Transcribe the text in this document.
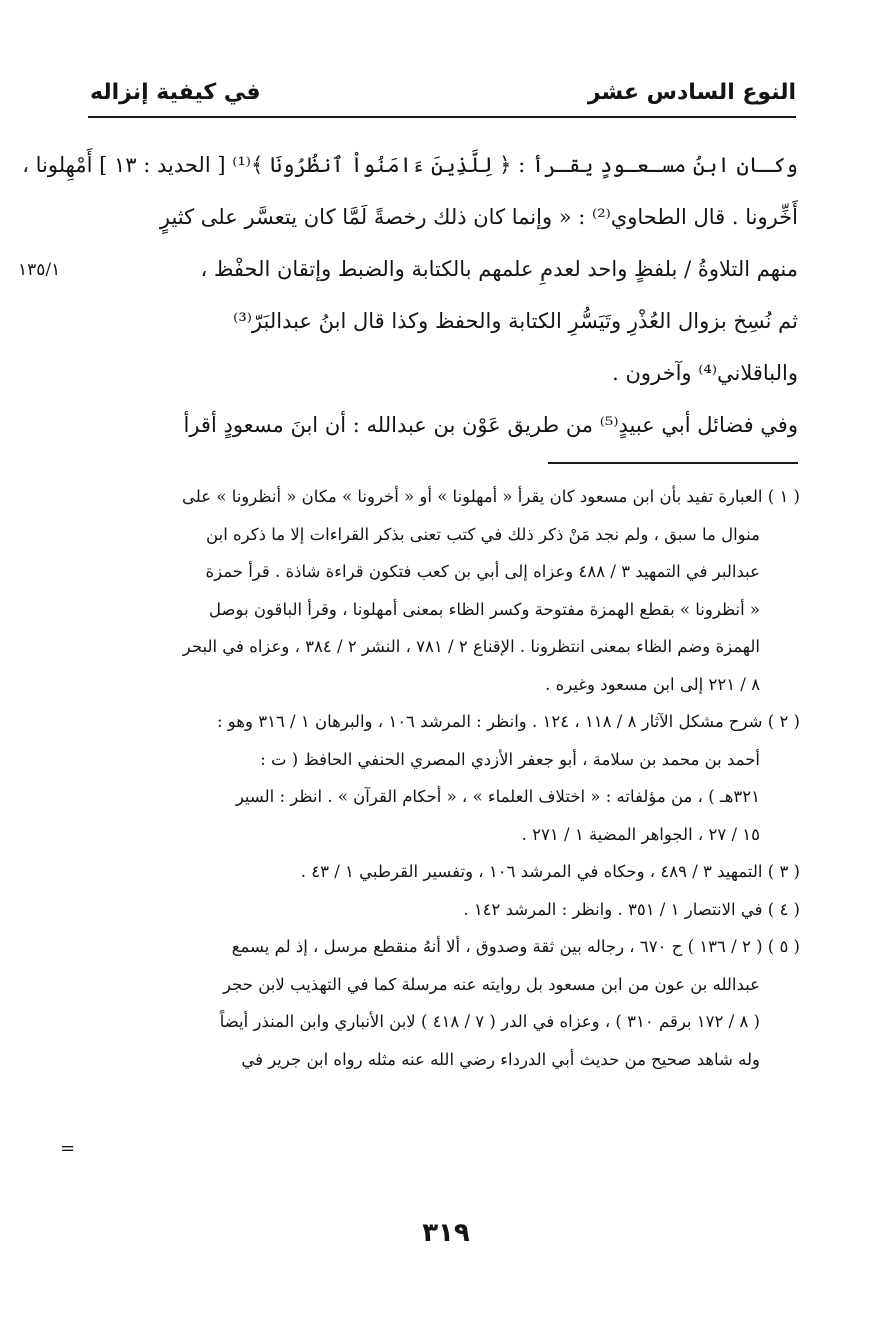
النوع السادس عشر
في كيفية إنزاله
١٣٥/١
وكـان ابنُ مسـعـودٍ يقـرأ : ﴿ لِلَّذِينَ ءَامَنُواْ ٱنظُرُونَا ﴾⁽¹⁾ [ الحديد : ١٣ ] أَمْهِلونا ،
أَخِّرونا . قال الطحاوي⁽²⁾ : « وإنما كان ذلك رخصةً لَمَّا كان يتعسَّر على كثيرٍ
منهم التلاوةُ / بلفظٍ واحد لعدمِ علمهم بالكتابة والضبط وإتقان الحفْظ ،
ثم نُسِخ بزوال العُذْرِ وتَيَسُّرِ الكتابة والحفظ وكذا قال ابنُ عبدالبَرّ⁽³⁾
والباقلاني⁽⁴⁾ وآخرون .
وفي فضائل أبي عبيدٍ⁽⁵⁾ من طريق عَوْن بن عبدالله : أن ابنَ مسعودٍ أقرأ
( ١ ) العبارة تفيد بأن ابن مسعود كان يقرأ « أمهلونا » أو « أخرونا » مكان « أنظرونا » على
منوال ما سبق ، ولم نجد مَنْ ذكر ذلك في كتب تعنى بذكر القراءات إلا ما ذكره ابن
عبدالبر في التمهيد ٣ / ٤٨٨ وعزاه إلى أبي بن كعب فتكون قراءة شاذة . قرأ حمزة
« أنظرونا » بقطع الهمزة مفتوحة وكسر الظاء بمعنى أمهلونا ، وقرأ الباقون بوصل
الهمزة وضم الظاء بمعنى انتظرونا . الإقناع ٢ / ٧٨١ ، النشر ٢ / ٣٨٤ ، وعزاه في البحر
٨ / ٢٢١ إلى ابن مسعود وغيره .
( ٢ ) شرح مشكل الآثار ٨ / ١١٨ ، ١٢٤ . وانظر : المرشد ١٠٦ ، والبرهان ١ / ٣١٦ وهو :
أحمد بن محمد بن سلامة ، أبو جعفر الأزدي المصري الحنفي الحافظ ( ت :
٣٢١هـ ) ، من مؤلفاته : « اختلاف العلماء » ، « أحكام القرآن » . انظر : السير
١٥ / ٢٧ ، الجواهر المضية ١ / ٢٧١ .
( ٣ ) التمهيد ٣ / ٤٨٩ ، وحكاه في المرشد ١٠٦ ، وتفسير القرطبي ١ / ٤٣ .
( ٤ ) في الانتصار ١ / ٣٥١ . وانظر : المرشد ١٤٢ .
( ٥ ) ( ٢ / ١٣٦ ) ح ٦٧٠ ، رجاله بين ثقة وصدوق ، ألا أنهُ منقطع مرسل ، إذ لم يسمع
عبدالله بن عون من ابن مسعود بل روايته عنه مرسلة كما في التهذيب لابن حجر
( ٨ / ١٧٢ برقم ٣١٠ ) ، وعزاه في الدر ( ٧ / ٤١٨ ) لابن الأنباري وابن المنذر أيضاً
وله شاهد صحيح من حديث أبي الدرداء رضي الله عنه مثله رواه ابن جرير في
=
٣١٩
